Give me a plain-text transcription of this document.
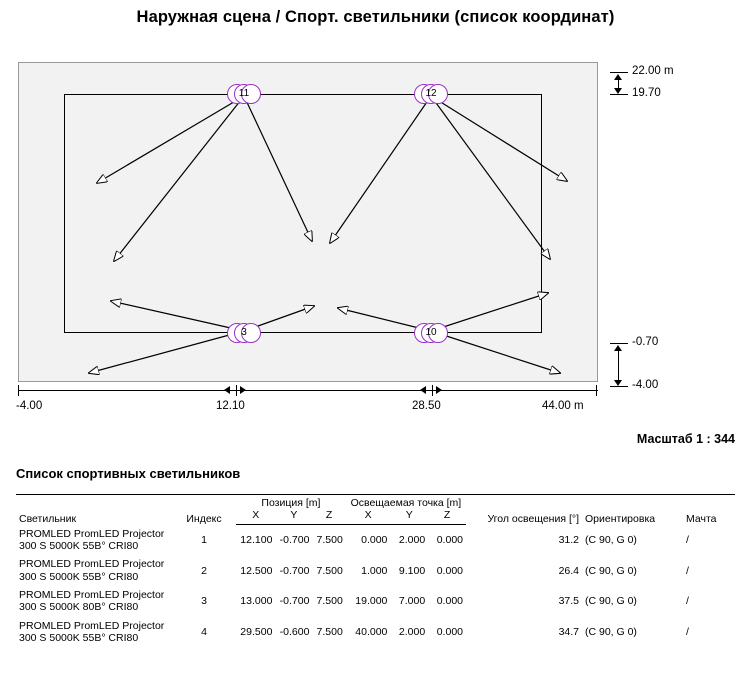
Наружная сцена / Спорт. светильники (список координат)
11	12
3	10
22.00 m
19.70
-0.70
-4.00
-4.00	12.10	28.50	44.00 m
Масштаб 1 : 344
Список спортивных светильников
Светильник	Индекс	Позиция [m]			Освещаемая точка [m]			Угол освещения [°]	Ориентировка	Мачта
		X	Y	Z	X	Y	Z			
PROMLED PromLED Projector 300 S 5000K 55B° CRI80	1	12.100	-0.700	7.500	0.000	2.000	0.000	31.2	(C 90, G 0)	/
PROMLED PromLED Projector 300 S 5000K 55B° CRI80	2	12.500	-0.700	7.500	1.000	9.100	0.000	26.4	(C 90, G 0)	/
PROMLED PromLED Projector 300 S 5000K 80B° CRI80	3	13.000	-0.700	7.500	19.000	7.000	0.000	37.5	(C 90, G 0)	/
PROMLED PromLED Projector 300 S 5000K 55B° CRI80	4	29.500	-0.600	7.500	40.000	2.000	0.000	34.7	(C 90, G 0)	/
